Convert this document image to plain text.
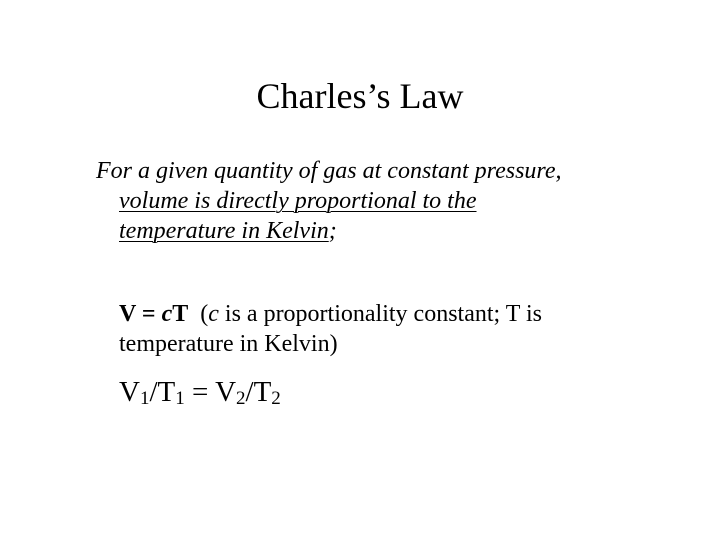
Charles’s Law
For a given quantity of gas at constant pressure,
volume is directly proportional to the
temperature in Kelvin;
V = cT  (c is a proportionality constant; T is
temperature in Kelvin)
$V_1/T_1 = V_2/T_2$
